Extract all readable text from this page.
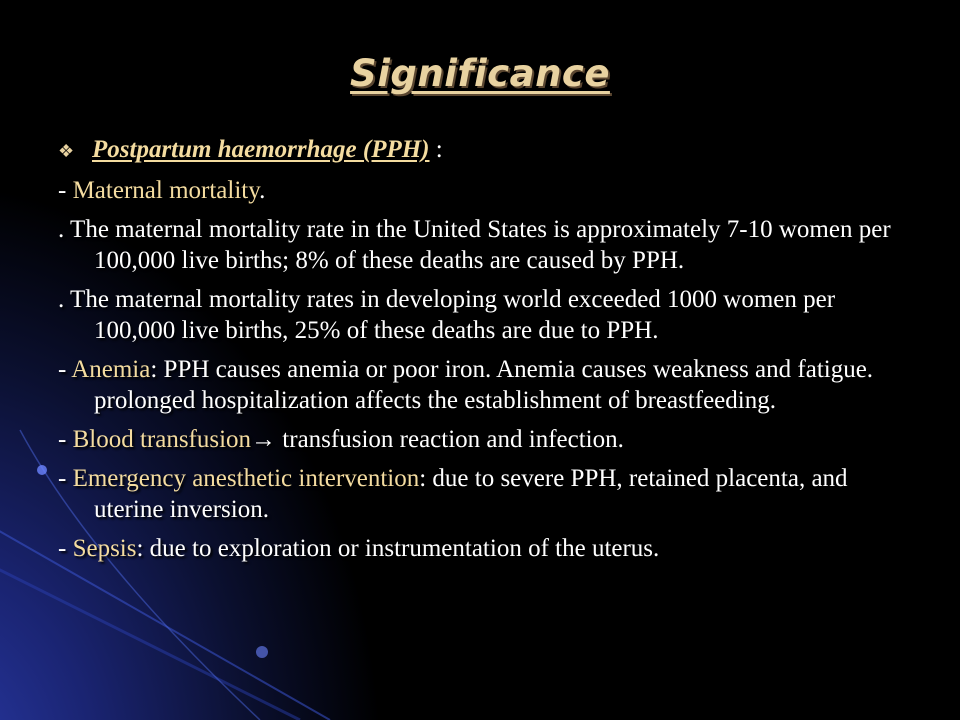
Significance
❖ Postpartum haemorrhage (PPH) :
- Maternal mortality.
. The maternal mortality rate in the United States is approximately 7-10 women per 100,000 live births; 8% of these deaths are caused by PPH.
. The maternal mortality rates in developing world exceeded 1000 women per 100,000 live births, 25% of these deaths are due to PPH.
- Anemia: PPH causes anemia or poor iron. Anemia causes weakness and fatigue. prolonged hospitalization affects the establishment of breastfeeding.
- Blood transfusion→ transfusion reaction and infection.
- Emergency anesthetic intervention: due to severe PPH, retained placenta, and uterine inversion.
- Sepsis: due to exploration or instrumentation of the uterus.
